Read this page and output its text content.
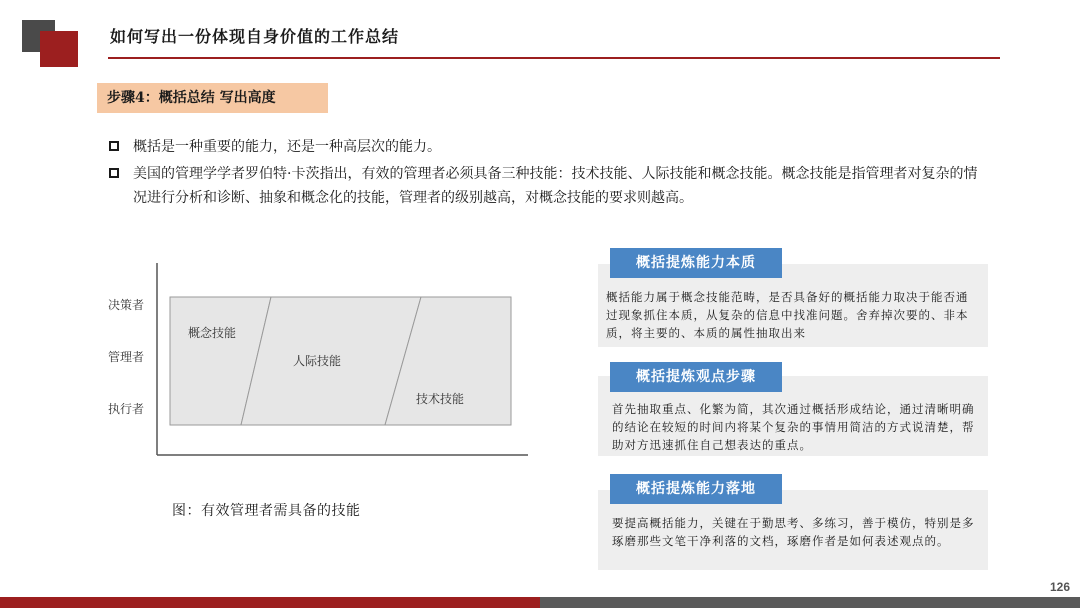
如何写出一份体现自身价值的工作总结
步骤4：概括总结 写出高度
概括是一种重要的能力，还是一种高层次的能力。
美国的管理学学者罗伯特·卡茨指出，有效的管理者必须具备三种技能：技术技能、人际技能和概念技能。概念技能是指管理者对复杂的情况进行分析和诊断、抽象和概念化的技能，管理者的级别越高，对概念技能的要求则越高。
决策者
管理者
执行者
概念技能
人际技能
技术技能
图：有效管理者需具备的技能
概括能力属于概念技能范畴，是否具备好的概括能力取决于能否通过现象抓住本质，从复杂的信息中找准问题。舍弃掉次要的、非本质，将主要的、本质的属性抽取出来
概括提炼能力本质
首先抽取重点、化繁为简，其次通过概括形成结论，通过清晰明确的结论在较短的时间内将某个复杂的事情用简洁的方式说清楚，帮助对方迅速抓住自己想表达的重点。
概括提炼观点步骤
要提高概括能力，关键在于勤思考、多练习，善于模仿，特别是多琢磨那些文笔干净利落的文档，琢磨作者是如何表述观点的。
概括提炼能力落地
126
